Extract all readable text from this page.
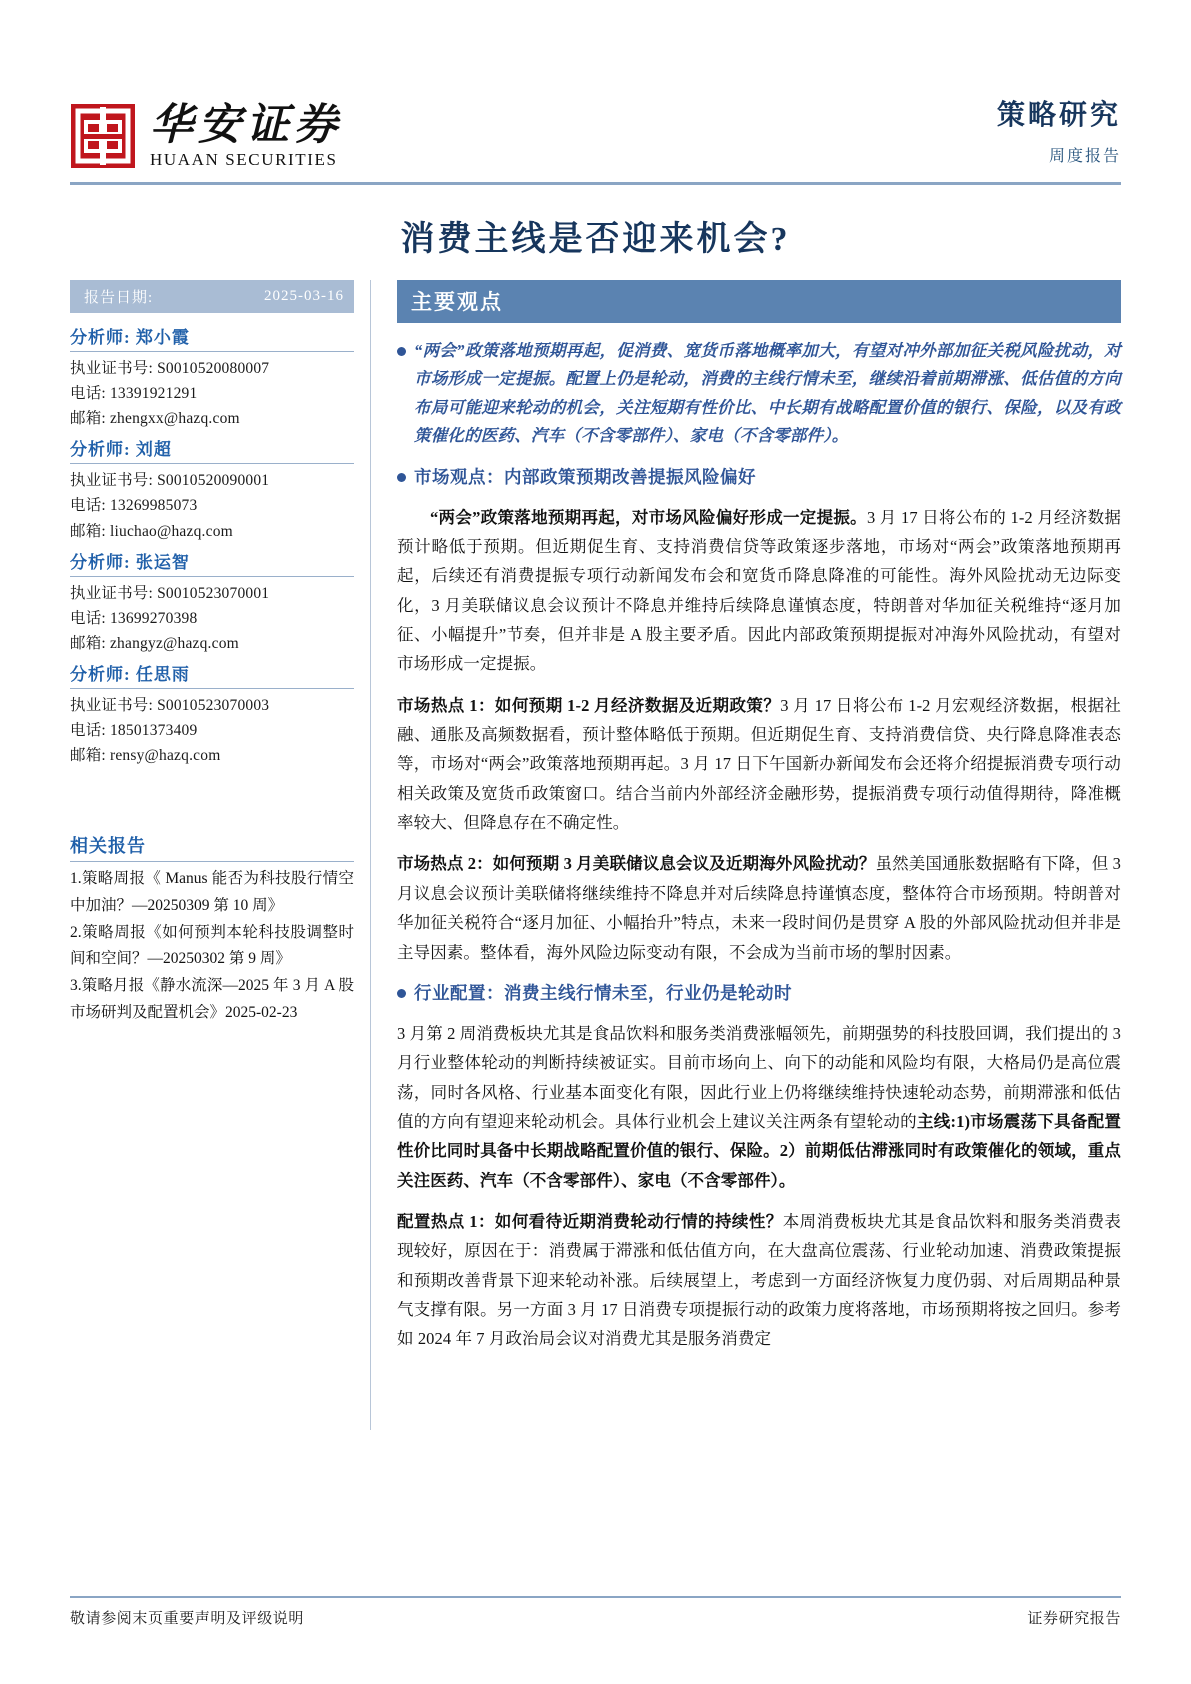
华安证券
HUAAN SECURITIES
策略研究
周度报告
消费主线是否迎来机会?
报告日期:	2025-03-16
分析师: 郑小霞
执业证书号: S0010520080007
电话: 13391921291
邮箱: zhengxx@hazq.com
分析师: 刘超
执业证书号: S0010520090001
电话: 13269985073
邮箱: liuchao@hazq.com
分析师: 张运智
执业证书号: S0010523070001
电话: 13699270398
邮箱: zhangyz@hazq.com
分析师: 任思雨
执业证书号: S0010523070003
电话: 18501373409
邮箱: rensy@hazq.com
相关报告
1.策略周报《 Manus 能否为科技股行情空中加油？—20250309 第 10 周》
2.策略周报《如何预判本轮科技股调整时间和空间？—20250302 第 9 周》
3.策略月报《静水流深—2025 年 3 月 A 股市场研判及配置机会》2025-02-23
主要观点
“两会”政策落地预期再起，促消费、宽货币落地概率加大，有望对冲外部加征关税风险扰动，对市场形成一定提振。配置上仍是轮动，消费的主线行情未至，继续沿着前期滞涨、低估值的方向布局可能迎来轮动的机会，关注短期有性价比、中长期有战略配置价值的银行、保险，以及有政策催化的医药、汽车（不含零部件）、家电（不含零部件）。
市场观点：内部政策预期改善提振风险偏好

“两会”政策落地预期再起，对市场风险偏好形成一定提振。3 月 17 日将公布的 1-2 月经济数据预计略低于预期。但近期促生育、支持消费信贷等政策逐步落地，市场对“两会”政策落地预期再起，后续还有消费提振专项行动新闻发布会和宽货币降息降准的可能性。海外风险扰动无边际变化，3 月美联储议息会议预计不降息并维持后续降息谨慎态度，特朗普对华加征关税维持“逐月加征、小幅提升”节奏，但并非是 A 股主要矛盾。因此内部政策预期提振对冲海外风险扰动，有望对市场形成一定提振。

市场热点 1：如何预期 1-2 月经济数据及近期政策？3 月 17 日将公布 1-2 月宏观经济数据，根据社融、通胀及高频数据看，预计整体略低于预期。但近期促生育、支持消费信贷、央行降息降准表态等，市场对“两会”政策落地预期再起。3 月 17 日下午国新办新闻发布会还将介绍提振消费专项行动相关政策及宽货币政策窗口。结合当前内外部经济金融形势，提振消费专项行动值得期待，降准概率较大、但降息存在不确定性。

市场热点 2：如何预期 3 月美联储议息会议及近期海外风险扰动？虽然美国通胀数据略有下降，但 3 月议息会议预计美联储将继续维持不降息并对后续降息持谨慎态度，整体符合市场预期。特朗普对华加征关税符合“逐月加征、小幅抬升”特点，未来一段时间仍是贯穿 A 股的外部风险扰动但并非是主导因素。整体看，海外风险边际变动有限，不会成为当前市场的掣肘因素。

行业配置：消费主线行情未至，行业仍是轮动时

3 月第 2 周消费板块尤其是食品饮料和服务类消费涨幅领先，前期强势的科技股回调，我们提出的 3 月行业整体轮动的判断持续被证实。目前市场向上、向下的动能和风险均有限，大格局仍是高位震荡，同时各风格、行业基本面变化有限，因此行业上仍将继续维持快速轮动态势，前期滞涨和低估值的方向有望迎来轮动机会。具体行业机会上建议关注两条有望轮动的主线:1)市场震荡下具备配置性价比同时具备中长期战略配置价值的银行、保险。2）前期低估滞涨同时有政策催化的领域，重点关注医药、汽车（不含零部件）、家电（不含零部件）。

配置热点 1：如何看待近期消费轮动行情的持续性？本周消费板块尤其是食品饮料和服务类消费表现较好，原因在于：消费属于滞涨和低估值方向，在大盘高位震荡、行业轮动加速、消费政策提振和预期改善背景下迎来轮动补涨。后续展望上，考虑到一方面经济恢复力度仍弱、对后周期品种景气支撑有限。另一方面 3 月 17 日消费专项提振行动的政策力度将落地，市场预期将按之回归。参考如 2024 年 7 月政治局会议对消费尤其是服务消费定

敬请参阅末页重要声明及评级说明	证券研究报告
